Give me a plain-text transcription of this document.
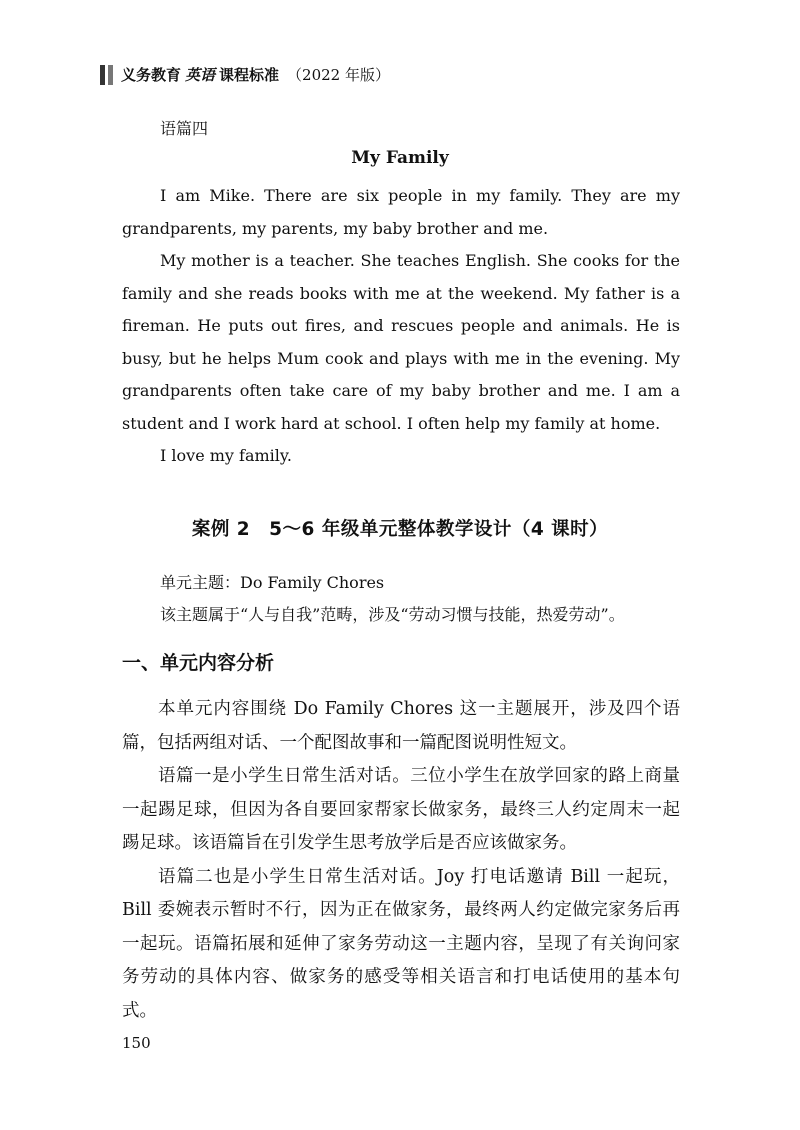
义务教育 英语 课程标准 （2022 年版）
语篇四
My Family

I am Mike. There are six people in my family. They are my grandparents, my parents, my baby brother and me.

My mother is a teacher. She teaches English. She cooks for the family and she reads books with me at the weekend. My father is a fireman. He puts out fires, and rescues people and animals. He is busy, but he helps Mum cook and plays with me in the evening. My grandparents often take care of my baby brother and me. I am a student and I work hard at school. I often help my family at home.

I love my family.

案例 2　5～6 年级单元整体教学设计（4 课时）
单元主题：Do Family Chores
该主题属于“人与自我”范畴，涉及“劳动习惯与技能，热爱劳动”。
一、单元内容分析

本单元内容围绕 Do Family Chores 这一主题展开，涉及四个语篇，包括两组对话、一个配图故事和一篇配图说明性短文。

语篇一是小学生日常生活对话。三位小学生在放学回家的路上商量一起踢足球，但因为各自要回家帮家长做家务，最终三人约定周末一起踢足球。该语篇旨在引发学生思考放学后是否应该做家务。

语篇二也是小学生日常生活对话。Joy 打电话邀请 Bill 一起玩，Bill 委婉表示暂时不行，因为正在做家务，最终两人约定做完家务后再一起玩。语篇拓展和延伸了家务劳动这一主题内容，呈现了有关询问家务劳动的具体内容、做家务的感受等相关语言和打电话使用的基本句式。

150
